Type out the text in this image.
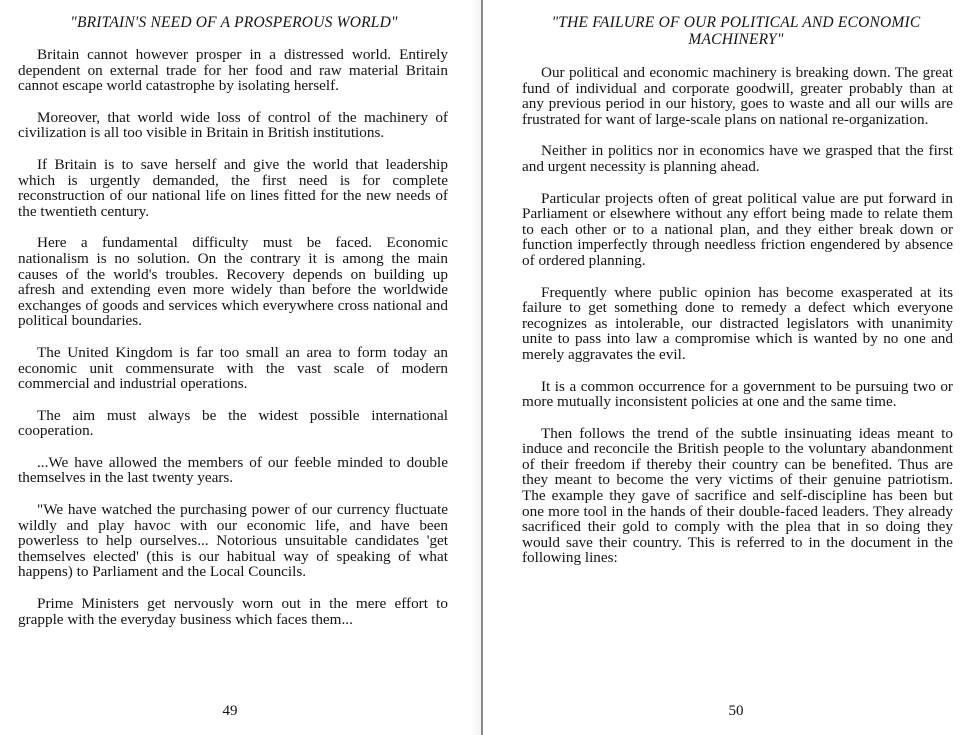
"BRITAIN'S NEED OF A PROSPEROUS WORLD"

Britain cannot however prosper in a distressed world. Entirely dependent on external trade for her food and raw material Britain cannot escape world catastrophe by isolating herself.

Moreover, that world wide loss of control of the machinery of civilization is all too visible in Britain in British institutions.

If Britain is to save herself and give the world that leadership which is urgently demanded, the first need is for complete reconstruction of our national life on lines fitted for the new needs of the twentieth century.

Here a fundamental difficulty must be faced. Economic nationalism is no solution. On the contrary it is among the main causes of the world's troubles. Recovery depends on building up afresh and extending even more widely than before the worldwide exchanges of goods and services which everywhere cross national and political boundaries.

The United Kingdom is far too small an area to form today an economic unit commensurate with the vast scale of modern commercial and industrial operations.

The aim must always be the widest possible international cooperation.

...We have allowed the members of our feeble minded to double themselves in the last twenty years.

"We have watched the purchasing power of our currency fluctuate wildly and play havoc with our economic life, and have been powerless to help ourselves... Notorious unsuitable candidates 'get themselves elected' (this is our habitual way of speaking of what happens) to Parliament and the Local Councils.

Prime Ministers get nervously worn out in the mere effort to grapple with the everyday business which faces them...

49
"THE FAILURE OF OUR POLITICAL AND ECONOMIC MACHINERY"

Our political and economic machinery is breaking down. The great fund of individual and corporate goodwill, greater probably than at any previous period in our history, goes to waste and all our wills are frustrated for want of large-scale plans on national re-organization.

Neither in politics nor in economics have we grasped that the first and urgent necessity is planning ahead.

Particular projects often of great political value are put forward in Parliament or elsewhere without any effort being made to relate them to each other or to a national plan, and they either break down or function imperfectly through needless friction engendered by absence of ordered planning.

Frequently where public opinion has become exasperated at its failure to get something done to remedy a defect which everyone recognizes as intolerable, our distracted legislators with unanimity unite to pass into law a compromise which is wanted by no one and merely aggravates the evil.

It is a common occurrence for a government to be pursuing two or more mutually inconsistent policies at one and the same time.

Then follows the trend of the subtle insinuating ideas meant to induce and reconcile the British people to the voluntary abandonment of their freedom if thereby their country can be benefited. Thus are they meant to become the very victims of their genuine patriotism. The example they gave of sacrifice and self-discipline has been but one more tool in the hands of their double-faced leaders. They already sacrificed their gold to comply with the plea that in so doing they would save their country. This is referred to in the document in the following lines:

50
